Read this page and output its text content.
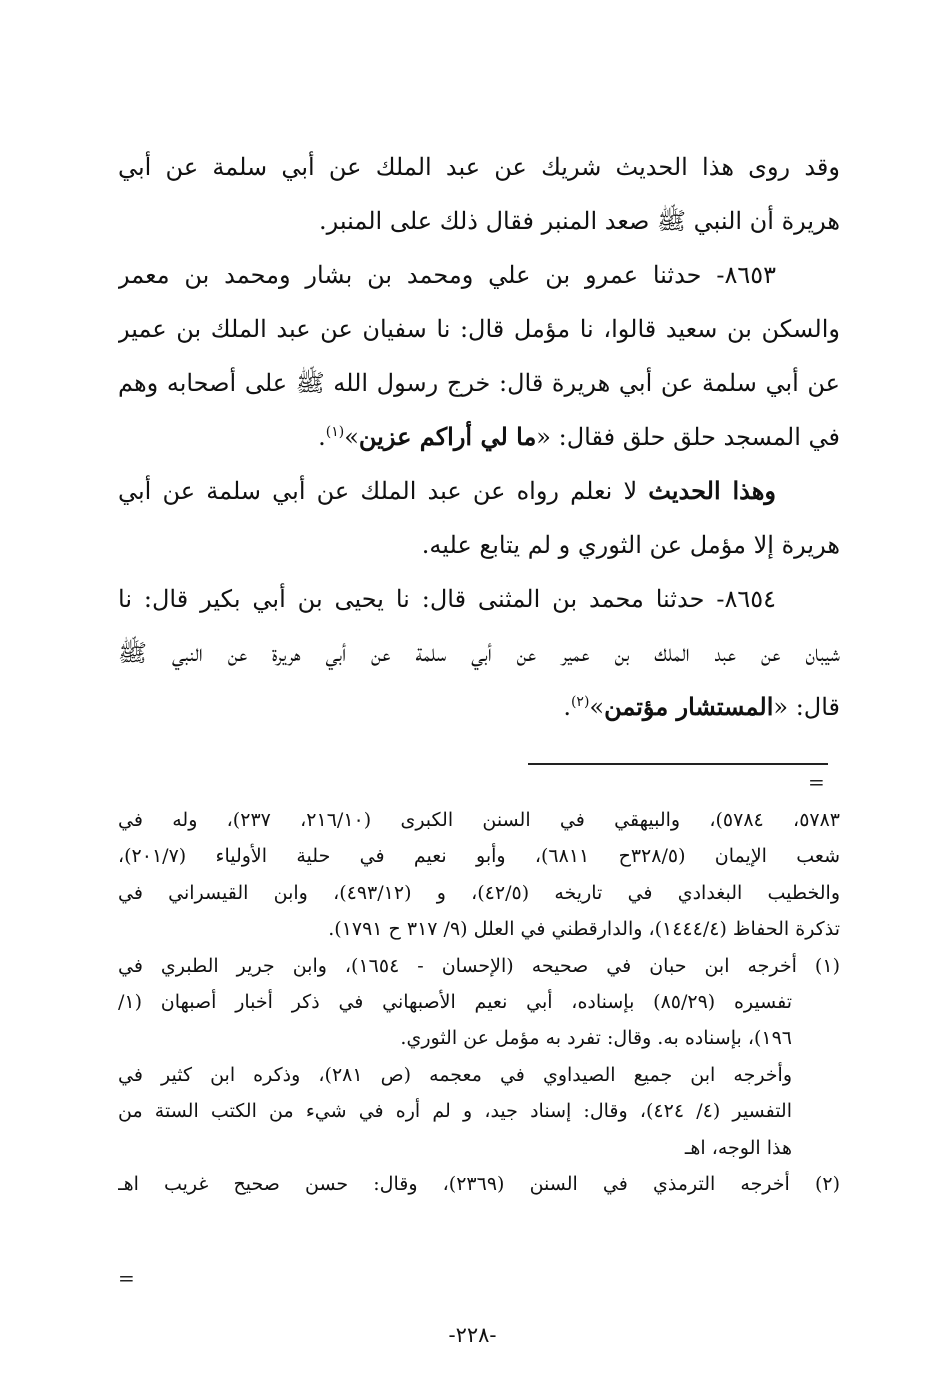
وقد روى هذا الحديث شريك عن عبد الملك عن أبي سلمة عن أبي
هريرة أن النبي ﷺ صعد المنبر فقال ذلك على المنبر.
٨٦٥٣- حدثنا عمرو بن علي ومحمد بن بشار ومحمد بن معمر
والسكن بن سعيد قالوا، نا مؤمل قال: نا سفيان عن عبد الملك بن عمير
عن أبي سلمة عن أبي هريرة قال: خرج رسول الله ﷺ على أصحابه وهم
في المسجد حلق حلق فقال: «ما لي أراكم عزين»$^{(١)}$.
وهذا الحديث لا نعلم رواه عن عبد الملك عن أبي سلمة عن أبي
هريرة إلا مؤمل عن الثوري و لم يتابع عليه.
٨٦٥٤- حدثنا محمد بن المثنى قال: نا يحيى بن أبي بكير قال: نا
شيبان عن عبد الملك بن عمير عن أبي سلمة عن أبي هريرة عن النبي ﷺ
قال: «المستشار مؤتمن»$^{(٢)}$.
=
٥٧٨٣، ٥٧٨٤)، والبيهقي في السنن الكبرى (٢١٦/١٠، ٢٣٧)، وله في
شعب الإيمان (٣٢٨/٥ح ٦٨١١)، وأبو نعيم في حلية الأولياء (٢٠١/٧)،
والخطيب البغدادي في تاريخه (٤٢/٥)، و (٤٩٣/١٢)، وابن القيسراني في
تذكرة الحفاظ (١٤٤٤/٤)، والدارقطني في العلل (٩/ ٣١٧ ح ١٧٩١).
(١) أخرجه ابن حبان في صحيحه (الإحسان - ١٦٥٤)، وابن جرير الطبري في
تفسيره (٨٥/٢٩) بإسناده، أبي نعيم الأصبهاني في ذكر أخبار أصبهان (١/
١٩٦)، بإسناده به. وقال: تفرد به مؤمل عن الثوري.
وأخرجه ابن جميع الصيداوي في معجمه (ص ٢٨١)، وذكره ابن كثير في
التفسير (٤/ ٤٢٤)، وقال: إسناد جيد، و لم أره في شيء من الكتب الستة من
هذا الوجه، اهـ
(٢) أخرجه الترمذي في السنن (٢٣٦٩)، وقال: حسن صحيح غريب اهـ
=
-٢٢٨-
